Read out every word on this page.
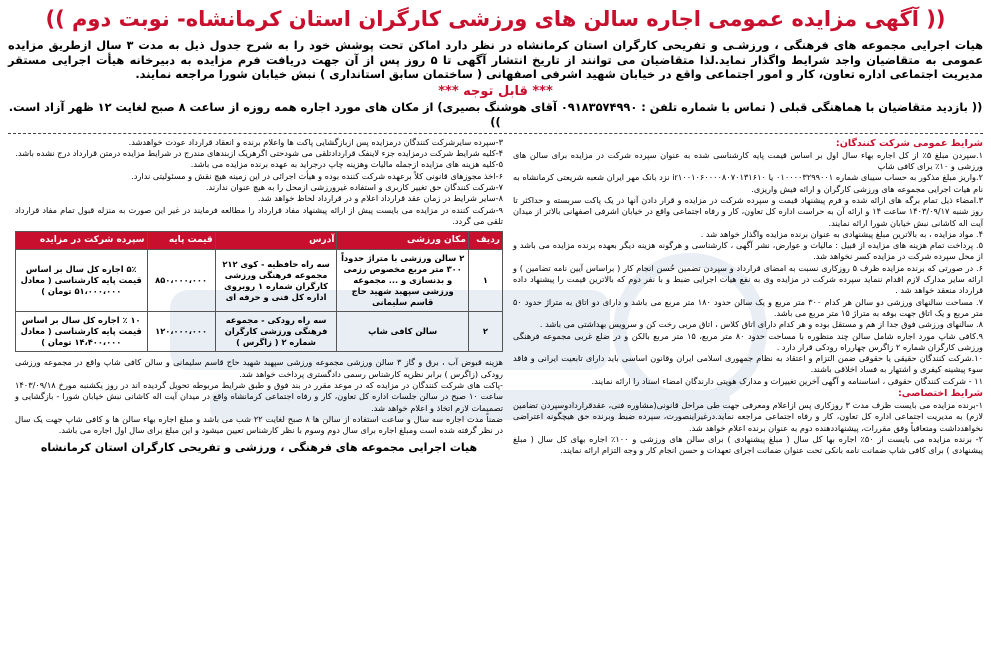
(( آگهی مزایده عمومی اجاره سالن های ورزشی کارگران استان کرمانشاه- نوبت دوم ))
هیات اجرایی مجموعه های فرهنگی ، ورزشـی و تفریحی کارگران استان کرمانشاه در نظر دارد اماکن تحت پوشش خود را به شرح جدول ذیل به مدت ۳ سال ازطریق مزایده عمومی به متقاضیان واجد شرایط واگذار نماید.لذا متقاضیان می توانند از تاریخ انتشار آگهی تا ۵ روز پس از آن جهت دریافت فرم مزایده به دبیرخانه هیأت اجرایی مستقر مدیریت اجتماعی اداره تعاون، کار و امور اجتماعی واقع در خیابان شهید اشرفی اصفهانی ( ساختمان سابق استانداری ) نبش خیابان شورا مراجعه نمایند.
*** قابل توجه ***
(( بازدید متقاضیان با هماهنگی قبلی ( تماس با شماره تلفن : ۰۹۱۸۳۵۷۴۹۹۰ آقای هوشنگ بصیری) از مکان های مورد اجاره همه روزه از ساعت ۸ صبح لغایت ۱۲ ظهر آزاد است. ))
شرایط عمومی شرکت کنندگان:

۱.سپردن مبلغ ۵٪ از کل اجاره بهاء سال اول بر اساس قیمت پایه کارشناسی شده به عنوان سپرده شرکت در مزایده برای سالن های ورزشی و ۱۰٪ برای کافی شاپ

۲.واریز مبلغ مذکور به حساب سیبای شماره ۰۱۰۰۰۰۳۲۹۹۰۰۱ یا ir۱۰۰۱۰۶۰۰۰۰۸۰۷۰۱۳۱۶۱۰ نزد بانک مهر ایران شعبه شریعتی کرمانشاه به نام هیات اجرایی مجموعه های ورزشی کارگران و ارائه فیش واریزی.

۳.امضاء ذیل تمام برگه های ارائه شده و فرم پیشنهاد قیمت و سپرده شرکت در مزایده و قرار دادن آنها در یک پاکت سربسته و حداکثر تا روز شنبه ۱۴۰۳/۰۹/۱۷ ساعت ۱۴ و ارائه آن به حراست اداره کل تعاون، کار و رفاه اجتماعی واقع در خیابان اشرفی اصفهانی بالاتر از میدان آیت اله کاشانی نبش خیابان شورا ارائه نمایند.

۴. مواد مزایده ، به بالاترین مبلغ پیشنهادی به عنوان برنده مزایده واگذار خواهد شد .

۵. پرداخت تمام هزینه های مزایده از قبیل : مالیات و عوارض، نشر آگهی ، کارشناسی و هرگونه هزینه دیگر بعهده برنده مزایده می باشد و از محل سپرده شرکت در مزایده کسر نخواهد شد.

۶. در صورتی که برنده مزایده ظرف ۵ روزکاری نسبت به امضای قرارداد و سپردن تضمین حُسن انجام کار ( براساس آیین نامه تضامین ) و ارائه سایر مدارک لازم اقدام ننماید سپرده شرکت در مزایده وی به نفع هیات اجرایی ضبط و با نفر دوم که بالاترین قیمت را پیشنهاد داده قرارداد منعقد خواهد شد .

۷. مساحت سالنهای ورزشی دو سالن هر کدام ۳۰۰ متر مربع و یک سالن حدود ۱۸۰ متر مربع می باشد و دارای دو اتاق به متراژ حدود ۵۰ متر مربع و یک اتاق جهت بوفه به متراژ ۱۵ متر مربع می باشد.

۸. سالنهای ورزشی فوق جدا از هم و مستقل بوده و هر کدام دارای اتاق کلاس ، اتاق مربی رخت کن و سرویس بهداشتی می باشد .

۹.کافی شاپ مورد اجاره شامل سالن چند منظوره با مساحت حدود ۸۰ متر مربع، ۱۵ متر مربع بالکن و در ضلع غربی مجموعه فرهنگی ورزشی کارگران شماره ۲ زاگرس چهارراه رودکی قرار دارد .

۱۰.شرکت کنندگان حقیقی یا حقوقی ضمن التزام و اعتقاد به نظام جمهوری اسلامی ایران وقانون اساسی باید دارای تابعیت ایرانی و فاقد سوء پیشینه کیفری و اشتهار به فساد اخلاقی باشند.

۱۱ - شرکت کنندگان حقوقی ، اساسنامه و آگهی آخرین تغییرات و مدارک هویتی دارندگان امضاء اسناد را ارائه نمایند.

شرایط اختصاصی:

۱-برنده مزایده می بایست ظرف مدت ۳ روزکاری پس ازاعلام ومعرفی جهت طی مراحل قانونی(مشاوره فنی، عقدقراردادوسپردن تضامین لازم) به مدیریت اجتماعی اداره کل تعاون، کار و رفاه اجتماعی مراجعه نماید.درغیراینصورت، سپرده ضبط وبرنده حق هیچگونه اعتراضی نخواهدداشت ومتعاقباً وفق مقررات، پیشنهاددهنده دوم به عنوان برنده اعلام خواهد شد.

۲- برنده مزایده می بایست از ۵۰٪ اجاره بها کل سال ( مبلغ پیشنهادی ) برای سالن های ورزشی و ۱۰۰٪ اجاره بهای کل سال ( مبلغ پیشنهادی ) برای کافی شاپ ضمانت نامه بانکی تحت عنوان ضمانت اجرای تعهدات و حسن انجام کار و وجه التزام ارائه نمایند.

۳-سپرده سایرشرکت کنندگان درمزایده پس ازبازگشایی پاکت ها واعلام برنده و انعقاد قرارداد عودت خواهدشد.

۴-کلیه شرایط شرکت درمزایده جزء لاینفک قراردادتلقی می شودحتی اگرهریک ازبندهای مندرج در شرایط مزایده درمتن قرارداد درج نشده باشد.

۵-کلیه هزینه های مزایده ازجمله مالیات وهزینه چاپ درجراید به عهده برنده مزایده می باشد.

۶-اخذ مجوزهای قانونی کلاً برعهده شرکت کننده بوده و هیأت اجرائی در این زمینه هیچ نقش و مسئولیتی ندارد.

۷-شرکت کنندگان حق تغییر کاربری و استفاده غیرورزشی ازمحل را به هیچ عنوان ندارند.

۸-سایر شرایط در زمان عقد قرارداد اعلام و در قرارداد لحاظ خواهد شد.

۹-شرکت کننده در مزایده می بایست پیش از ارائه پیشنهاد مفاد قرارداد را مطالعه فرمایند در غیر این صورت به منزله قبول تمام مفاد قرارداد تلقی می گردد.

ردیف	مکان ورزشی	آدرس	قیمت پایه	سپرده شرکت در مزایده
۱	۲ سالن ورزشی با متراژ حدوداً ۳۰۰ متر مربع مخصوص رزمی و بدنسازی و ... مجموعه ورزشی سپهبد شهید حاج قاسم سلیمانی	سه راه حافظیه - کوی ۲۱۲ مجموعه فرهنگی ورزشی کارگران شماره ۱ روبروی اداره کل فنی و حرفه ای	۸۵۰،۰۰۰،۰۰۰	۵٪ اجاره کل سال بر اساس قیمت پایه کارشناسی ( معادل ۵۱،۰۰۰،۰۰۰ تومان )
۲	سالن کافی شاپ	سه راه رودکی - مجموعه فرهنگی ورزشی کارگران شماره ۲ ( زاگرس )	۱۲۰،۰۰۰،۰۰۰	۱۰ ٪ اجاره کل سال بر اساس قیمت پایه کارشناسی ( معادل ۱۴،۴۰۰،۰۰۰ تومان )

هزینه قبوض آب ، برق و گاز ۳ سالن ورزشی مجموعه ورزشی سپهبد شهید حاج قاسم سلیمانی و سالن کافی شاپ واقع در مجموعه ورزشی رودکی (زاگرس ) برابر نظریه کارشناس رسمی دادگستری پرداخت خواهد شد.

-پاکت های شرکت کنندگان در مزایده که در موعد مقرر در بند فوق و طبق شرایط مربوطه تحویل گردیده اند در روز یکشنبه مورخ ۱۴۰۳/۰۹/۱۸ ساعت ۱۰ صبح در سالن جلسات اداره کل تعاون، کار و رفاه اجتماعی کرمانشاه واقع در میدان آیت اله کاشانی نبش خیابان شورا - بازگشایی و تصمیمات لازم اتخاذ و اعلام خواهد شد.

ضمناً مدت اجاره سه سال و ساعت استفاده از سالن ها ۸ صبح لغایت ۲۲ شب می باشد و مبلغ اجاره بهاء سالن ها و کافی شاپ جهت یک سال در نظر گرفته شده است ومبلغ اجاره برای سال دوم وسوم با نظر کارشناس تعیین میشود و این مبلغ برای سال اول اجاره می باشد.

هیات اجرایی مجموعه های فرهنگی ، ورزشی و تفریحی کارگران استان کرمانشاه
